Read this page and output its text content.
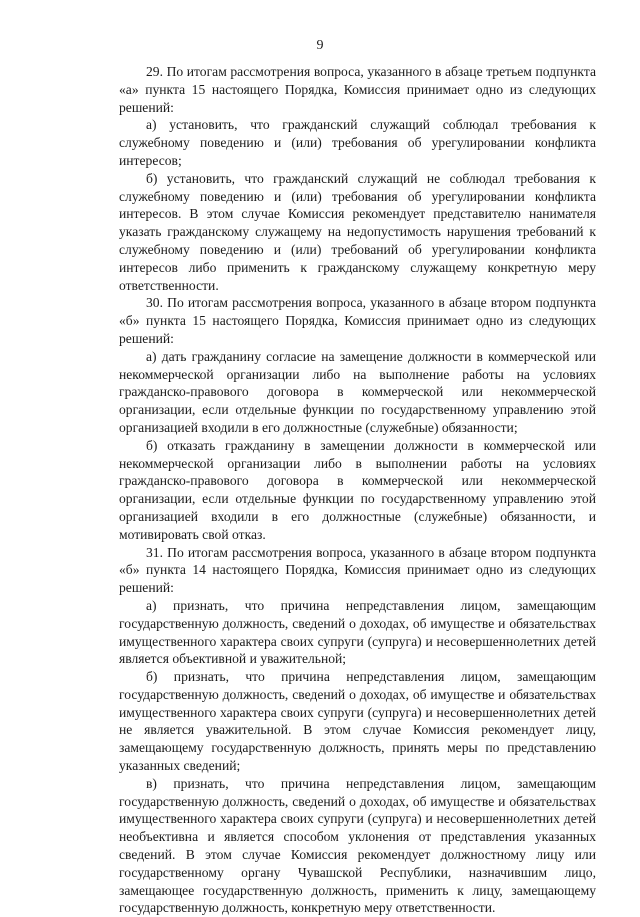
9

29. По итогам рассмотрения вопроса, указанного в абзаце третьем подпункта «а» пункта 15 настоящего Порядка, Комиссия принимает одно из следующих решений:

а) установить, что гражданский служащий соблюдал требования к служебному поведению и (или) требования об урегулировании конфликта интересов;

б) установить, что гражданский служащий не соблюдал требования к служебному поведению и (или) требования об урегулировании конфликта интересов. В этом случае Комиссия рекомендует представителю нанимателя указать гражданскому служащему на недопустимость нарушения требований к служебному поведению и (или) требований об урегулировании конфликта интересов либо применить к гражданскому служащему конкретную меру ответственности.

30. По итогам рассмотрения вопроса, указанного в абзаце втором подпункта «б» пункта 15 настоящего Порядка, Комиссия принимает одно из следующих решений:

а) дать гражданину согласие на замещение должности в коммерческой или некоммерческой организации либо на выполнение работы на условиях гражданско-правового договора в коммерческой или некоммерческой организации, если отдельные функции по государственному управлению этой организацией входили в его должностные (служебные) обязанности;

б) отказать гражданину в замещении должности в коммерческой или некоммерческой организации либо в выполнении работы на условиях гражданско-правового договора в коммерческой или некоммерческой организации, если отдельные функции по государственному управлению этой организацией входили в его должностные (служебные) обязанности, и мотивировать свой отказ.

31. По итогам рассмотрения вопроса, указанного в абзаце втором подпункта «б» пункта 14 настоящего Порядка, Комиссия принимает одно из следующих решений:

а) признать, что причина непредставления лицом, замещающим государственную должность, сведений о доходах, об имуществе и обязательствах имущественного характера своих супруги (супруга) и несовершеннолетних детей является объективной и уважительной;

б) признать, что причина непредставления лицом, замещающим государственную должность, сведений о доходах, об имуществе и обязательствах имущественного характера своих супруги (супруга) и несовершеннолетних детей не является уважительной. В этом случае Комиссия рекомендует лицу, замещающему государственную должность, принять меры по представлению указанных сведений;

в) признать, что причина непредставления лицом, замещающим государственную должность, сведений о доходах, об имуществе и обязательствах имущественного характера своих супруги (супруга) и несовершеннолетних детей необъективна и является способом уклонения от представления указанных сведений. В этом случае Комиссия рекомендует должностному лицу или государственному органу Чувашской Республики, назначившим лицо, замещающее государственную должность, применить к лицу, замещающему государственную должность, конкретную меру ответственности.
